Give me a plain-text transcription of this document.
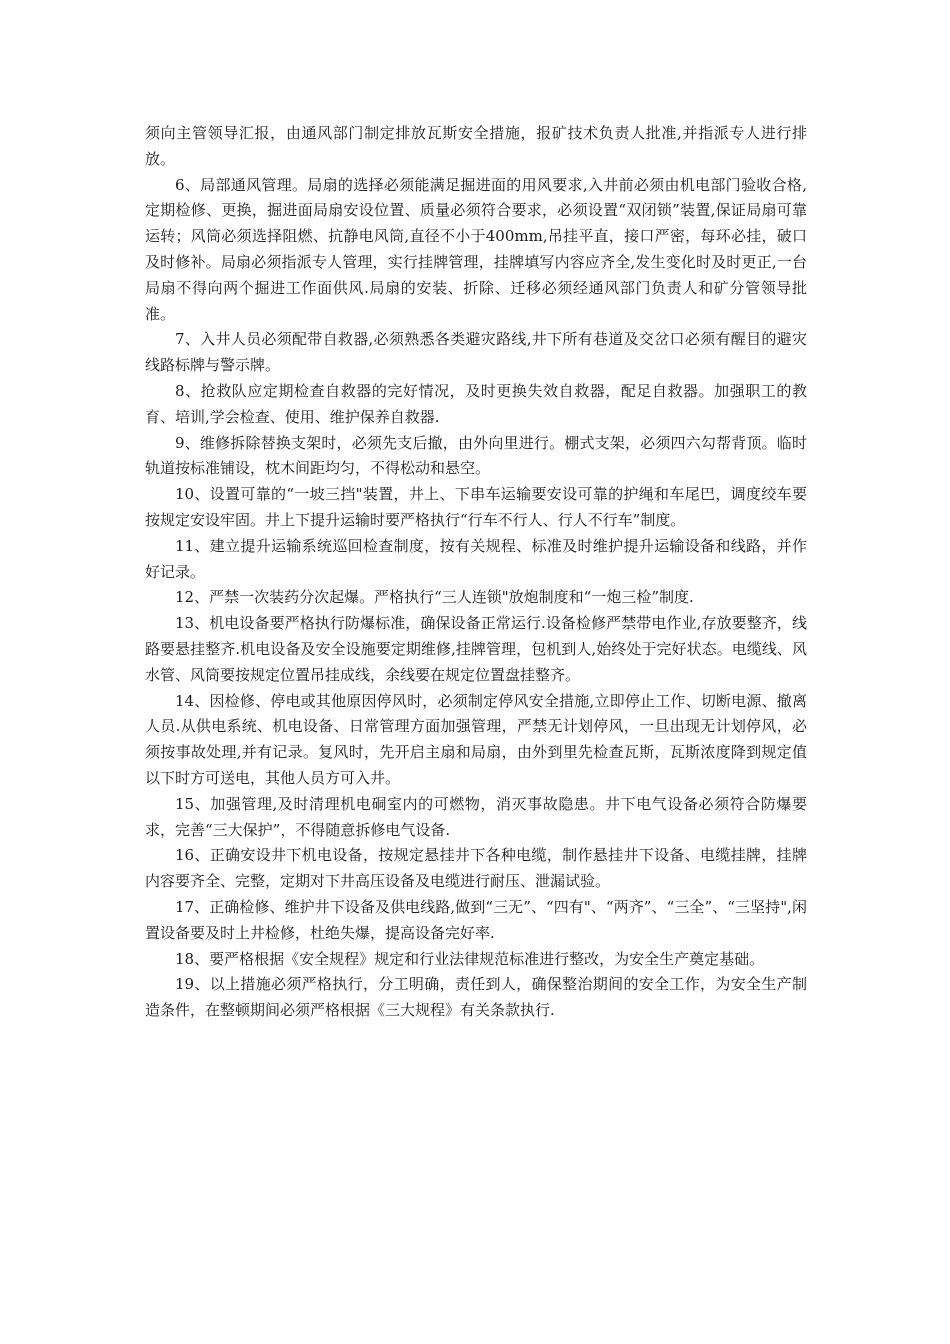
须向主管领导汇报，由通风部门制定排放瓦斯安全措施，报矿技术负责人批准,并指派专人进行排放。

6、局部通风管理。局扇的选择必须能满足掘进面的用风要求,入井前必须由机电部门验收合格,定期检修、更换，掘进面局扇安设位置、质量必须符合要求，必须设置“双闭锁”装置,保证局扇可靠运转；风筒必须选择阻燃、抗静电风筒,直径不小于400mm,吊挂平直，接口严密，每环必挂，破口及时修补。局扇必须指派专人管理，实行挂牌管理，挂牌填写内容应齐全,发生变化时及时更正,一台局扇不得向两个掘进工作面供风.局扇的安装、折除、迁移必须经通风部门负责人和矿分管领导批准。

7、入井人员必须配带自救器,必须熟悉各类避灾路线,井下所有巷道及交岔口必须有醒目的避灾线路标牌与警示牌。

8、抢救队应定期检查自救器的完好情况，及时更换失效自救器，配足自救器。加强职工的教育、培训,学会检查、使用、维护保养自救器.

9、维修拆除替换支架时，必须先支后撤，由外向里进行。棚式支架，必须四六勾帮背顶。临时轨道按标准铺设，枕木间距均匀，不得松动和悬空。

10、设置可靠的“一坡三挡"装置，井上、下串车运输要安设可靠的护绳和车尾巴，调度绞车要按规定安设牢固。井上下提升运输时要严格执行“行车不行人、行人不行车”制度。

11、建立提升运输系统巡回检查制度，按有关规程、标准及时维护提升运输设备和线路，并作好记录。

12、严禁一次装药分次起爆。严格执行“三人连锁"放炮制度和“一炮三检”制度.

13、机电设备要严格执行防爆标准，确保设备正常运行.设备检修严禁带电作业,存放要整齐，线路要悬挂整齐.机电设备及安全设施要定期维修,挂牌管理，包机到人,始终处于完好状态。电缆线、风水管、风筒要按规定位置吊挂成线，余线要在规定位置盘挂整齐。

14、因检修、停电或其他原因停风时，必须制定停风安全措施,立即停止工作、切断电源、撤离人员.从供电系统、机电设备、日常管理方面加强管理，严禁无计划停风，一旦出现无计划停风，必须按事故处理,并有记录。复风时，先开启主扇和局扇，由外到里先检查瓦斯，瓦斯浓度降到规定值以下时方可送电，其他人员方可入井。

15、加强管理,及时清理机电硐室内的可燃物，消灭事故隐患。井下电气设备必须符合防爆要求，完善“三大保护”，不得随意拆修电气设备.

16、正确安设井下机电设备，按规定悬挂井下各种电缆，制作悬挂井下设备、电缆挂牌，挂牌内容要齐全、完整，定期对下井高压设备及电缆进行耐压、泄漏试验。

17、正确检修、维护井下设备及供电线路,做到“三无”、“四有"、“两齐”、“三全”、“三坚持",闲置设备要及时上井检修，杜绝失爆，提高设备完好率.

18、要严格根据《安全规程》规定和行业法律规范标准进行整改，为安全生产奠定基础。

19、以上措施必须严格执行，分工明确，责任到人，确保整治期间的安全工作，为安全生产制造条件，在整顿期间必须严格根据《三大规程》有关条款执行.
